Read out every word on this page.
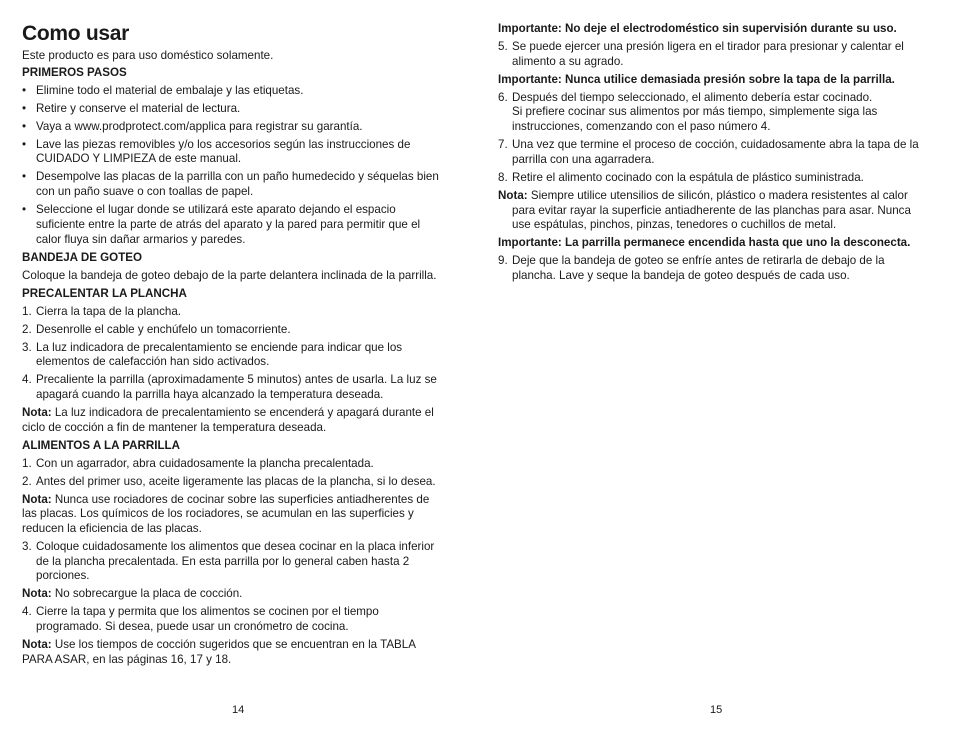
Como usar

Este producto es para uso doméstico solamente.

PRIMEROS PASOS

• Elimine todo el material de embalaje y las etiquetas.

• Retire y conserve el material de lectura.

• Vaya a www.prodprotect.com/applica para registrar su garantía.

• Lave las piezas removibles y/o los accesorios según las instrucciones de CUIDADO Y LIMPIEZA de este manual.

• Desempolve las placas de la parrilla con un paño humedecido y séquelas bien con un paño suave o con toallas de papel.

• Seleccione el lugar donde se utilizará este aparato dejando el espacio suficiente entre la parte de atrás del aparato y la pared para permitir que el calor fluya sin dañar armarios y paredes.

BANDEJA DE GOTEO

Coloque la bandeja de goteo debajo de la parte delantera inclinada de la parrilla.

PRECALENTAR LA PLANCHA

1. Cierra la tapa de la plancha.

2. Desenrolle el cable y enchúfelo un tomacorriente.

3. La luz indicadora de precalentamiento se enciende para indicar que los elementos de calefacción han sido activados.

4. Precaliente la parrilla (aproximadamente 5 minutos) antes de usarla. La luz se apagará cuando la parrilla haya alcanzado la temperatura deseada.

Nota: La luz indicadora de precalentamiento se encenderá y apagará durante el ciclo de cocción a fin de mantener la temperatura deseada.

ALIMENTOS A LA PARRILLA

1. Con un agarrador, abra cuidadosamente la plancha precalentada.

2. Antes del primer uso, aceite ligeramente las placas de la plancha, si lo desea.

Nota: Nunca use rociadores de cocinar sobre las superficies antiadherentes de las placas. Los químicos de los rociadores, se acumulan en las superficies y reducen la eficiencia de las placas.

3. Coloque cuidadosamente los alimentos que desea cocinar en la placa inferior de la plancha precalentada. En esta parrilla por lo general caben hasta 2 porciones.

Nota: No sobrecargue la placa de cocción.

4. Cierre la tapa y permita que los alimentos se cocinen por el tiempo programado. Si desea, puede usar un cronómetro de cocina.

Nota: Use los tiempos de cocción sugeridos que se encuentran en la TABLA PARA ASAR, en las páginas 16, 17 y 18.

Importante: No deje el electrodoméstico sin supervisión durante su uso.

5. Se puede ejercer una presión ligera en el tirador para presionar y calentar el alimento a su agrado.

Importante: Nunca utilice demasiada presión sobre la tapa de la parrilla.

6. Después del tiempo seleccionado, el alimento debería estar cocinado.
Si prefiere cocinar sus alimentos por más tiempo, simplemente siga las instrucciones, comenzando con el paso número 4.

7. Una vez que termine el proceso de cocción, cuidadosamente abra la tapa de la parrilla con una agarradera.

8. Retire el alimento cocinado con la espátula de plástico suministrada.

Nota: Siempre utilice utensilios de silicón, plástico o madera resistentes al calor para evitar rayar la superficie antiadherente de las planchas para asar. Nunca use espátulas, pinchos, pinzas, tenedores o cuchillos de metal.

Importante: La parrilla permanece encendida hasta que uno la desconecta.

9. Deje que la bandeja de goteo se enfríe antes de retirarla de debajo de la plancha. Lave y seque la bandeja de goteo después de cada uso.

14	15
